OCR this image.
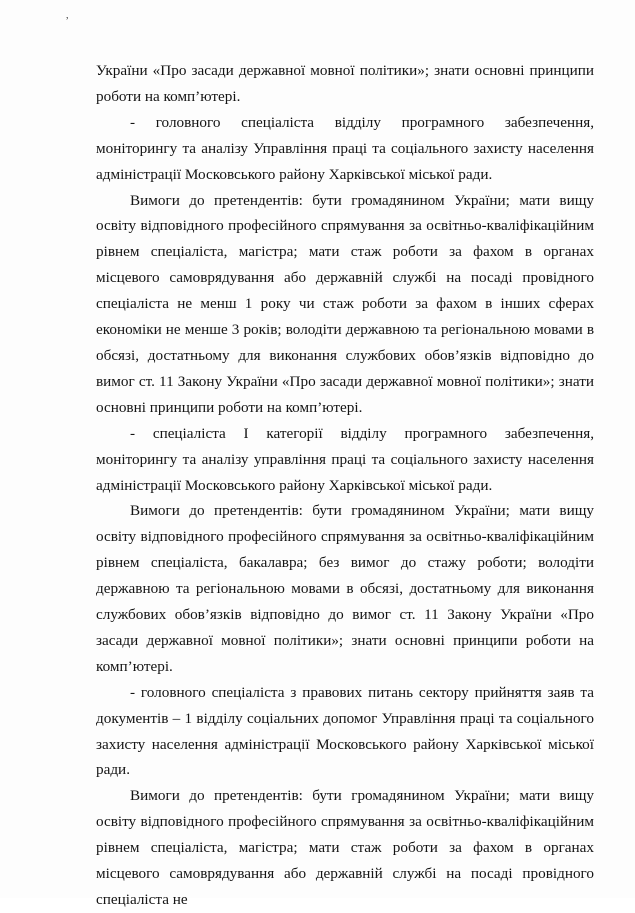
,

України «Про засади державної мовної політики»; знати основні принципи роботи на комп’ютері.

- головного спеціаліста відділу програмного забезпечення, моніторингу та аналізу Управління праці та соціального захисту населення адміністрації Московського району Харківської міської ради.

Вимоги до претендентів: бути громадянином України; мати вищу освіту відповідного професійного спрямування за освітньо-кваліфікаційним рівнем спеціаліста, магістра; мати стаж роботи за фахом в органах місцевого самоврядування або державній службі на посаді провідного спеціаліста не менш 1 року чи стаж роботи за фахом в інших сферах економіки не менше 3 років; володіти державною та регіональною мовами в обсязі, достатньому для виконання службових обов’язків відповідно до вимог ст. 11 Закону України «Про засади державної мовної політики»; знати основні принципи роботи на комп’ютері.

- спеціаліста I категорії відділу програмного забезпечення, моніторингу та аналізу управління праці та соціального захисту населення адміністрації Московського району Харківської міської ради.

Вимоги до претендентів: бути громадянином України; мати вищу освіту відповідного професійного спрямування за освітньо-кваліфікаційним рівнем спеціаліста, бакалавра; без вимог до стажу роботи; володіти державною та регіональною мовами в обсязі, достатньому для виконання службових обов’язків відповідно до вимог ст. 11 Закону України «Про засади державної мовної політики»; знати основні принципи роботи на комп’ютері.

- головного спеціаліста з правових питань сектору прийняття заяв та документів – 1 відділу соціальних допомог Управління праці та соціального захисту населення адміністрації Московського району Харківської міської ради.

Вимоги до претендентів: бути громадянином України; мати вищу освіту відповідного професійного спрямування за освітньо-кваліфікаційним рівнем спеціаліста, магістра; мати стаж роботи за фахом в органах місцевого самоврядування або державній службі на посаді провідного спеціаліста не
